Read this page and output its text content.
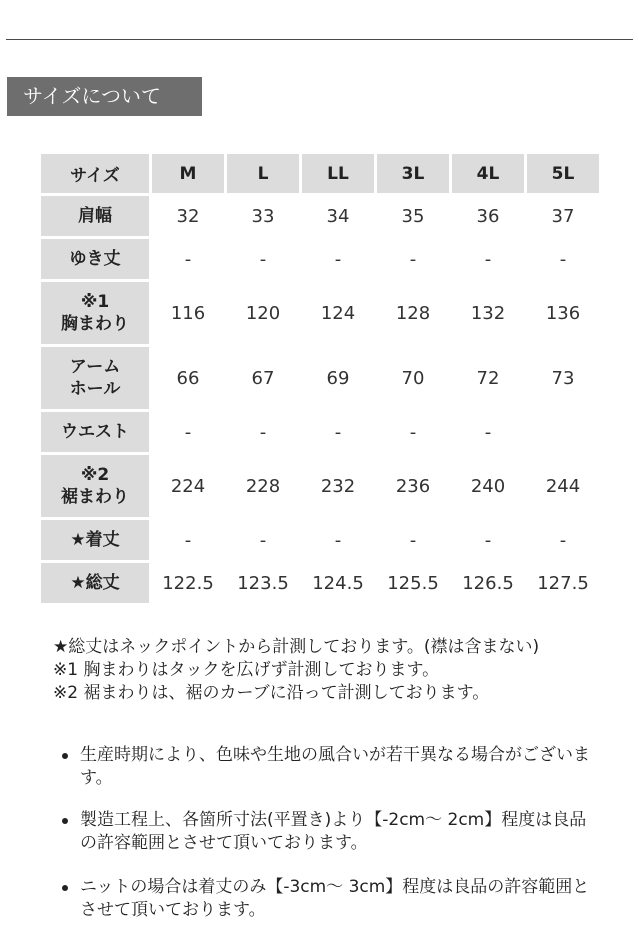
サイズについて
サイズ	M	L	LL	3L	4L	5L
肩幅	32	33	34	35	36	37
ゆき丈	-	-	-	-	-	-
※1
胸まわり	116	120	124	128	132	136
アーム
ホール	66	67	69	70	72	73
ウエスト	-	-	-	-	-	
※2
裾まわり	224	228	232	236	240	244
★着丈	-	-	-	-	-	-
★総丈	122.5	123.5	124.5	125.5	126.5	127.5

★総丈はネックポイントから計測しております。(襟は含まない)

※1 胸まわりはタックを広げず計測しております。

※2 裾まわりは、裾のカーブに沿って計測しております。

生産時期により、色味や生地の風合いが若干異なる場合がございます。
製造工程上、各箇所寸法(平置き)より【-2cm〜 2cm】程度は良品の許容範囲とさせて頂いております。
ニットの場合は着丈のみ【-3cm〜 3cm】程度は良品の許容範囲とさせて頂いております。
